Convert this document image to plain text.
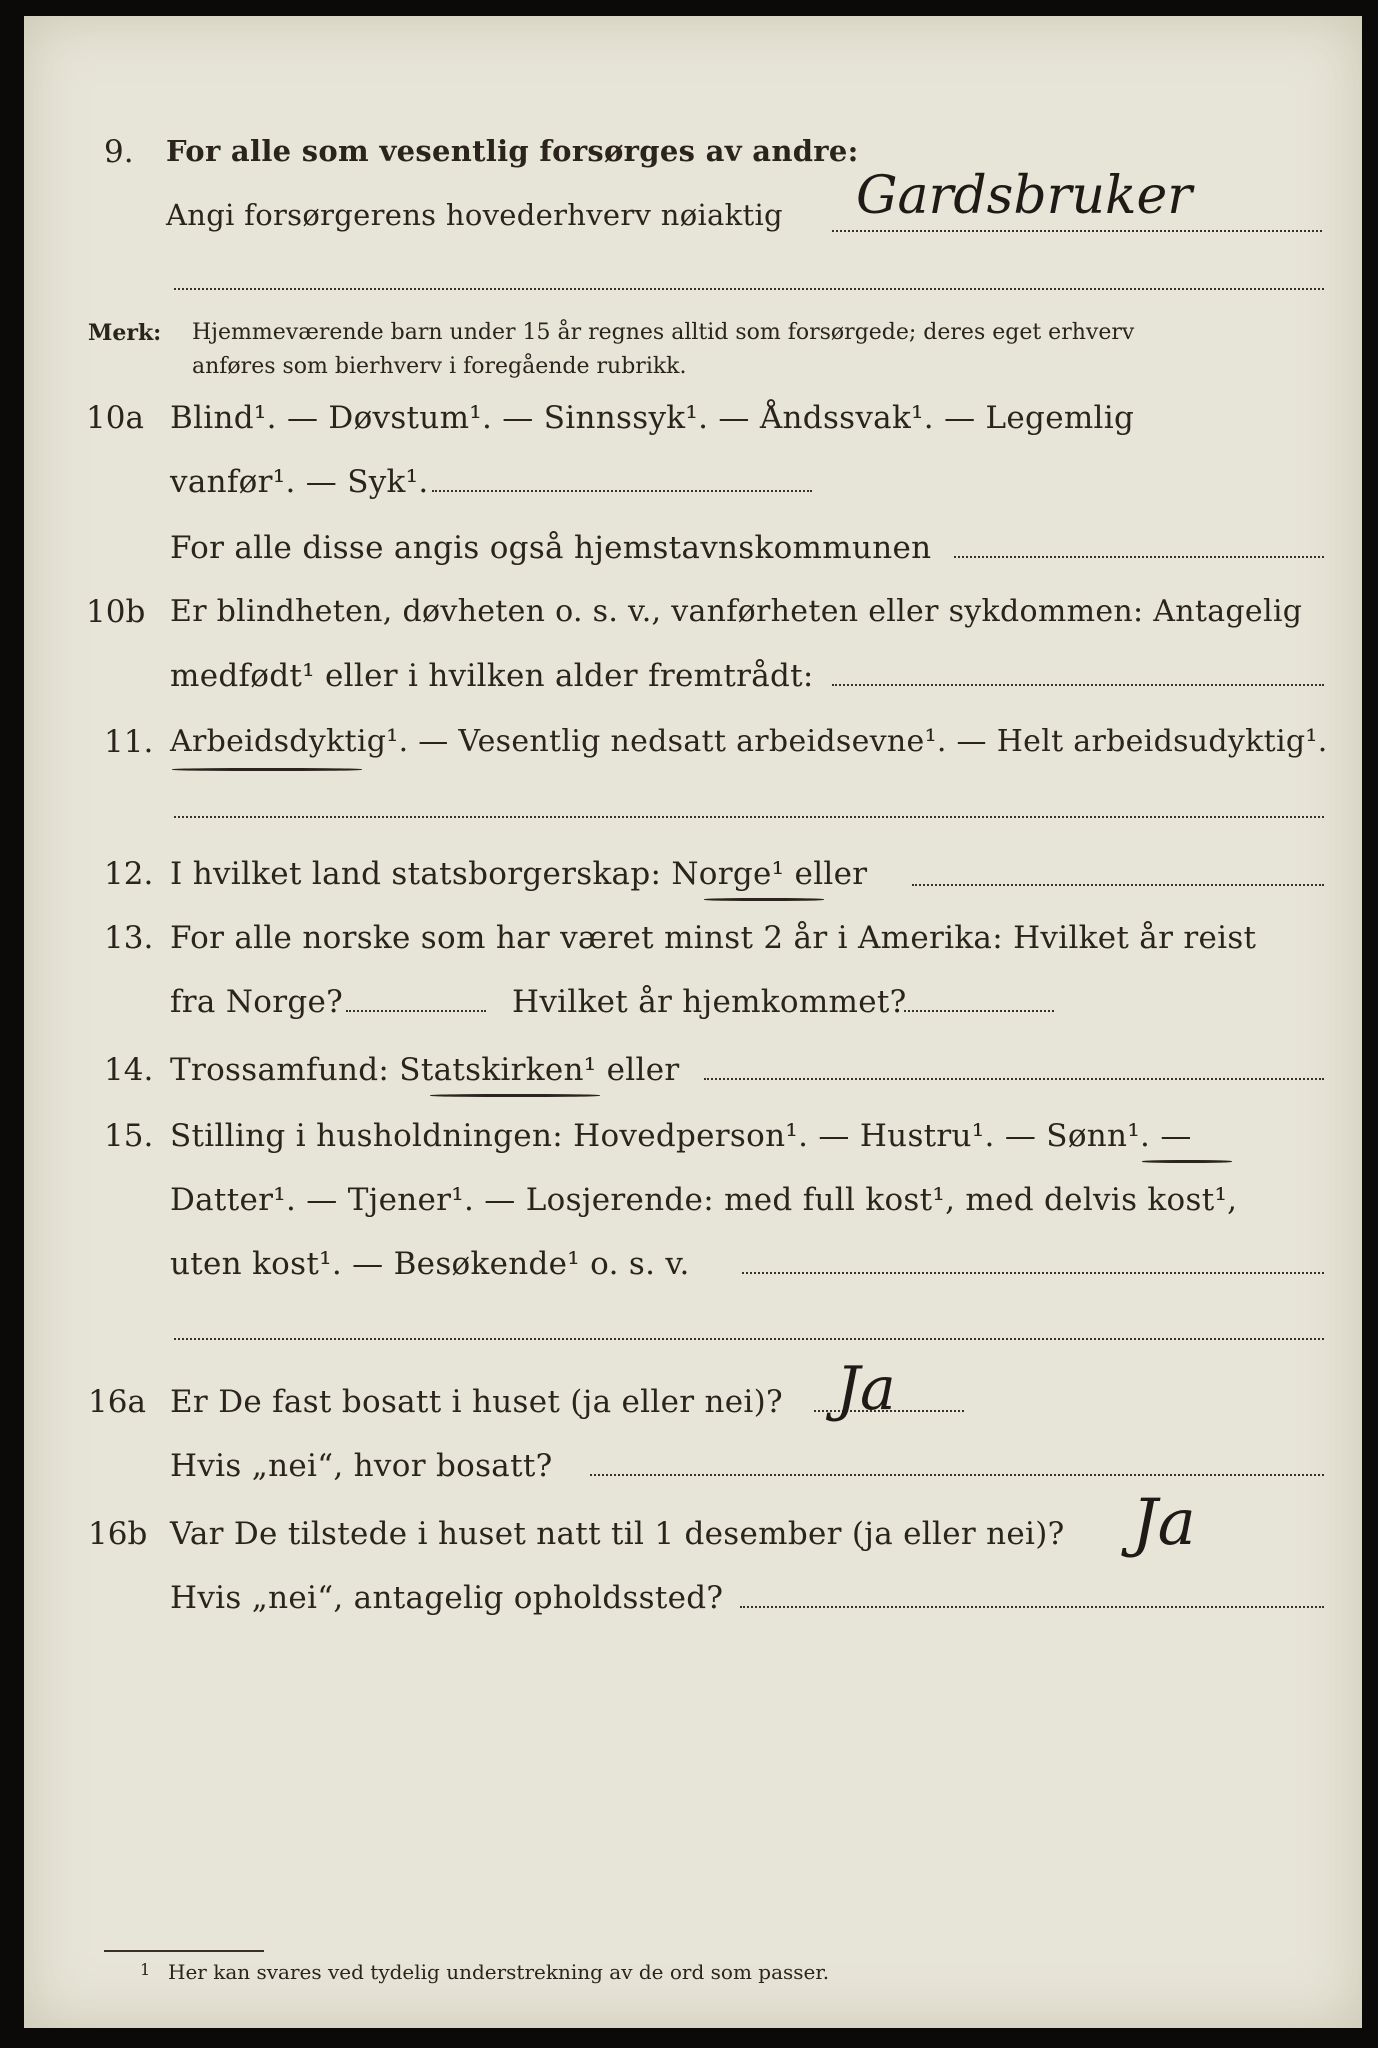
9. For alle som vesentlig forsørges av andre:
Angi forsørgerens hovederhverv nøiaktig Gardsbruker
Merk: Hjemmeværende barn under 15 år regnes alltid som forsørgede; deres eget erhverv
anføres som bierhverv i foregående rubrikk.
10a Blind¹. — Døvstum¹. — Sinnssyk¹. — Åndssvak¹. — Legemlig
vanfør¹. — Syk¹.
For alle disse angis også hjemstavnskommunen
10b Er blindheten, døvheten o. s. v., vanførheten eller sykdommen: Antagelig
medfødt¹ eller i hvilken alder fremtrådt:
11. Arbeidsdyktig¹. — Vesentlig nedsatt arbeidsevne¹. — Helt arbeidsudyktig¹.
12. I hvilket land statsborgerskap: Norge¹ eller
13. For alle norske som har været minst 2 år i Amerika: Hvilket år reist
fra Norge?	Hvilket år hjemkommet?
14. Trossamfund: Statskirken¹ eller
15. Stilling i husholdningen: Hovedperson¹. — Hustru¹. — Sønn¹. —
Datter¹. — Tjener¹. — Losjerende: med full kost¹, med delvis kost¹,
uten kost¹. — Besøkende¹ o. s. v.
16a Er De fast bosatt i huset (ja eller nei)? Ja
Hvis „nei“, hvor bosatt?
16b Var De tilstede i huset natt til 1 desember (ja eller nei)? Ja
Hvis „nei“, antagelig opholdssted?
1 Her kan svares ved tydelig understrekning av de ord som passer.
